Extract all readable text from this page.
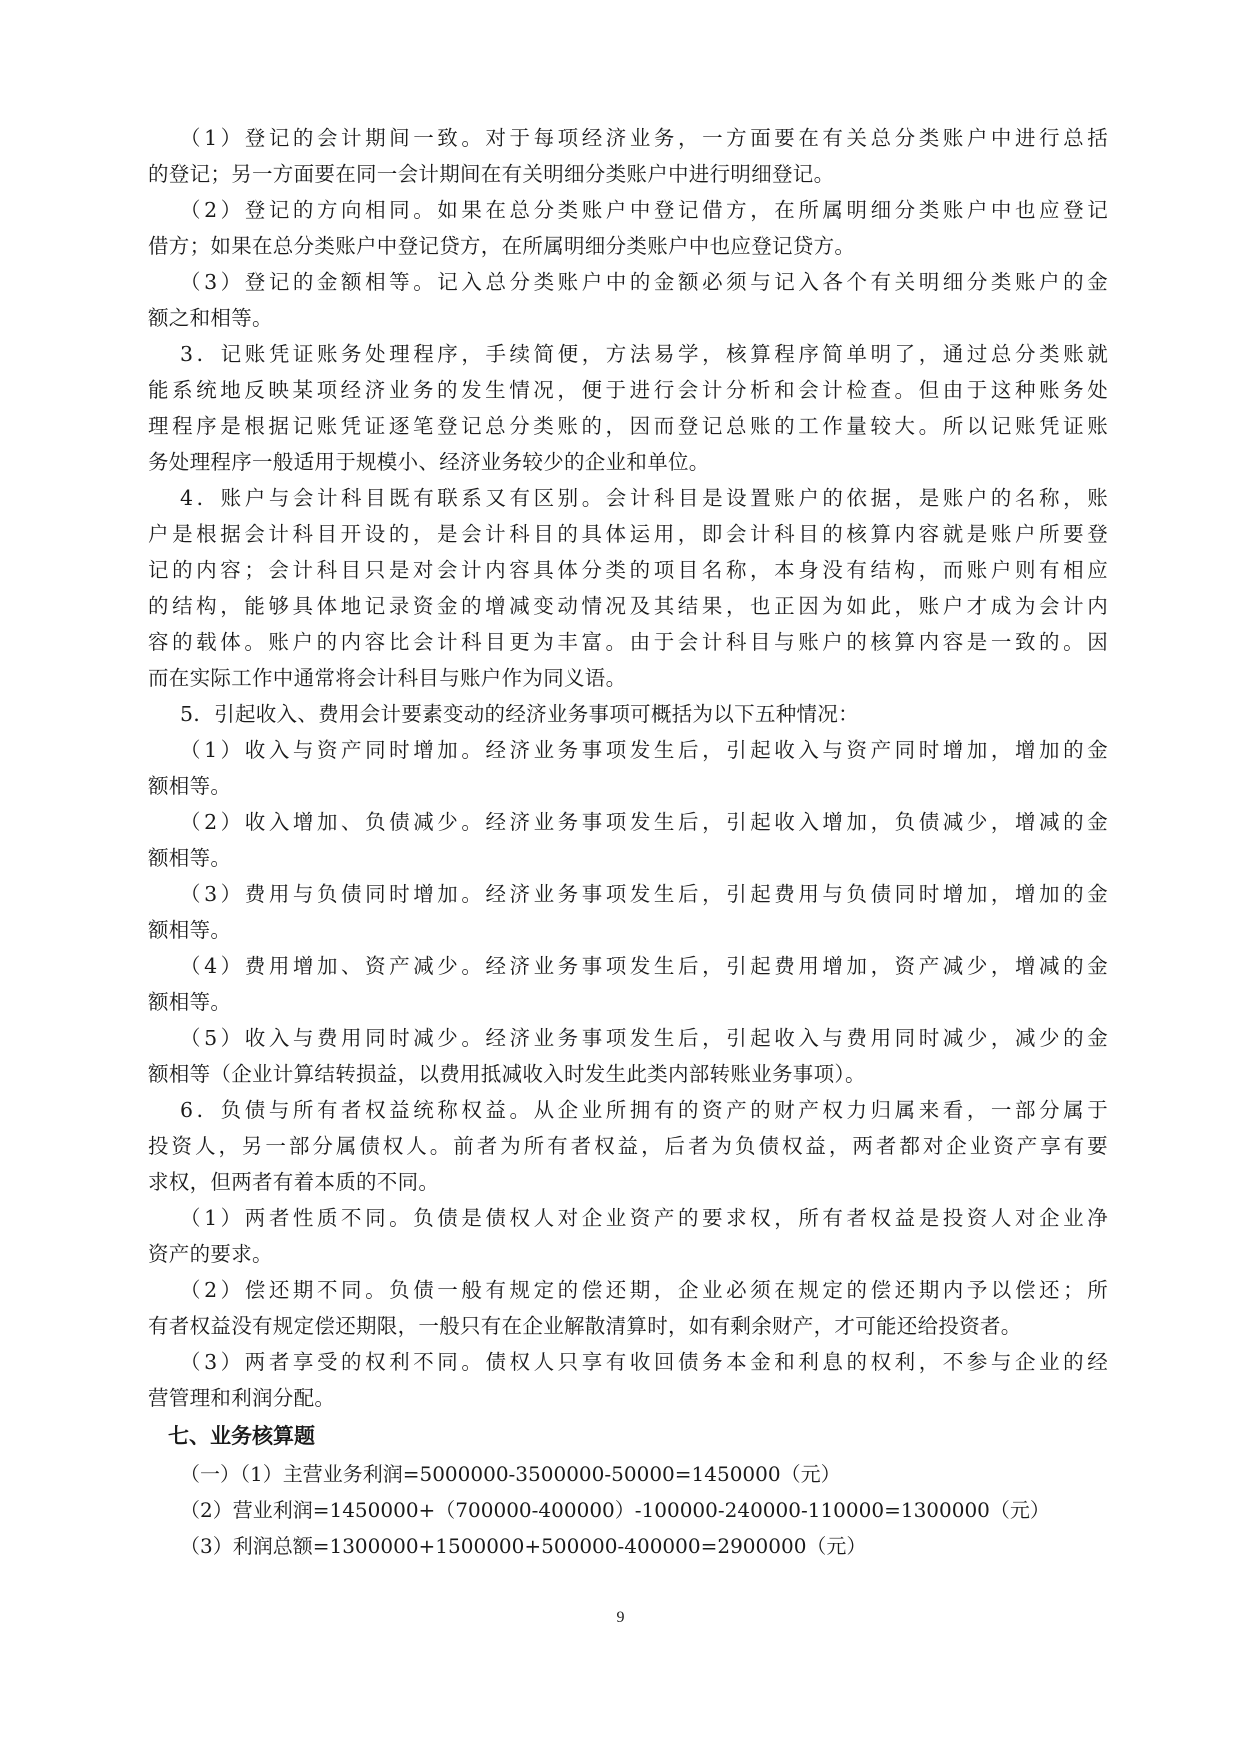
（1）登记的会计期间一致。对于每项经济业务，一方面要在有关总分类账户中进行总括
的登记；另一方面要在同一会计期间在有关明细分类账户中进行明细登记。
（2）登记的方向相同。如果在总分类账户中登记借方，在所属明细分类账户中也应登记
借方；如果在总分类账户中登记贷方，在所属明细分类账户中也应登记贷方。
（3）登记的金额相等。记入总分类账户中的金额必须与记入各个有关明细分类账户的金
额之和相等。
3．记账凭证账务处理程序，手续简便，方法易学，核算程序简单明了，通过总分类账就
能系统地反映某项经济业务的发生情况，便于进行会计分析和会计检查。但由于这种账务处
理程序是根据记账凭证逐笔登记总分类账的，因而登记总账的工作量较大。所以记账凭证账
务处理程序一般适用于规模小、经济业务较少的企业和单位。
4．账户与会计科目既有联系又有区别。会计科目是设置账户的依据，是账户的名称，账
户是根据会计科目开设的，是会计科目的具体运用，即会计科目的核算内容就是账户所要登
记的内容；会计科目只是对会计内容具体分类的项目名称，本身没有结构，而账户则有相应
的结构，能够具体地记录资金的增减变动情况及其结果，也正因为如此，账户才成为会计内
容的载体。账户的内容比会计科目更为丰富。由于会计科目与账户的核算内容是一致的。因
而在实际工作中通常将会计科目与账户作为同义语。
5．引起收入、费用会计要素变动的经济业务事项可概括为以下五种情况：
（1）收入与资产同时增加。经济业务事项发生后，引起收入与资产同时增加，增加的金
额相等。
（2）收入增加、负债减少。经济业务事项发生后，引起收入增加，负债减少，增减的金
额相等。
（3）费用与负债同时增加。经济业务事项发生后，引起费用与负债同时增加，增加的金
额相等。
（4）费用增加、资产减少。经济业务事项发生后，引起费用增加，资产减少，增减的金
额相等。
（5）收入与费用同时减少。经济业务事项发生后，引起收入与费用同时减少，减少的金
额相等（企业计算结转损益，以费用抵减收入时发生此类内部转账业务事项）。
6．负债与所有者权益统称权益。从企业所拥有的资产的财产权力归属来看，一部分属于
投资人，另一部分属债权人。前者为所有者权益，后者为负债权益，两者都对企业资产享有要
求权，但两者有着本质的不同。
（1）两者性质不同。负债是债权人对企业资产的要求权，所有者权益是投资人对企业净
资产的要求。
（2）偿还期不同。负债一般有规定的偿还期，企业必须在规定的偿还期内予以偿还；所
有者权益没有规定偿还期限，一般只有在企业解散清算时，如有剩余财产，才可能还给投资者。
（3）两者享受的权利不同。债权人只享有收回债务本金和利息的权利，不参与企业的经
营管理和利润分配。
七、业务核算题
（一）（1）主营业务利润=5000000-3500000-50000=1450000（元）
（2）营业利润=1450000+（700000-400000）-100000-240000-110000=1300000（元）
（3）利润总额=1300000+1500000+500000-400000=2900000（元）
9
